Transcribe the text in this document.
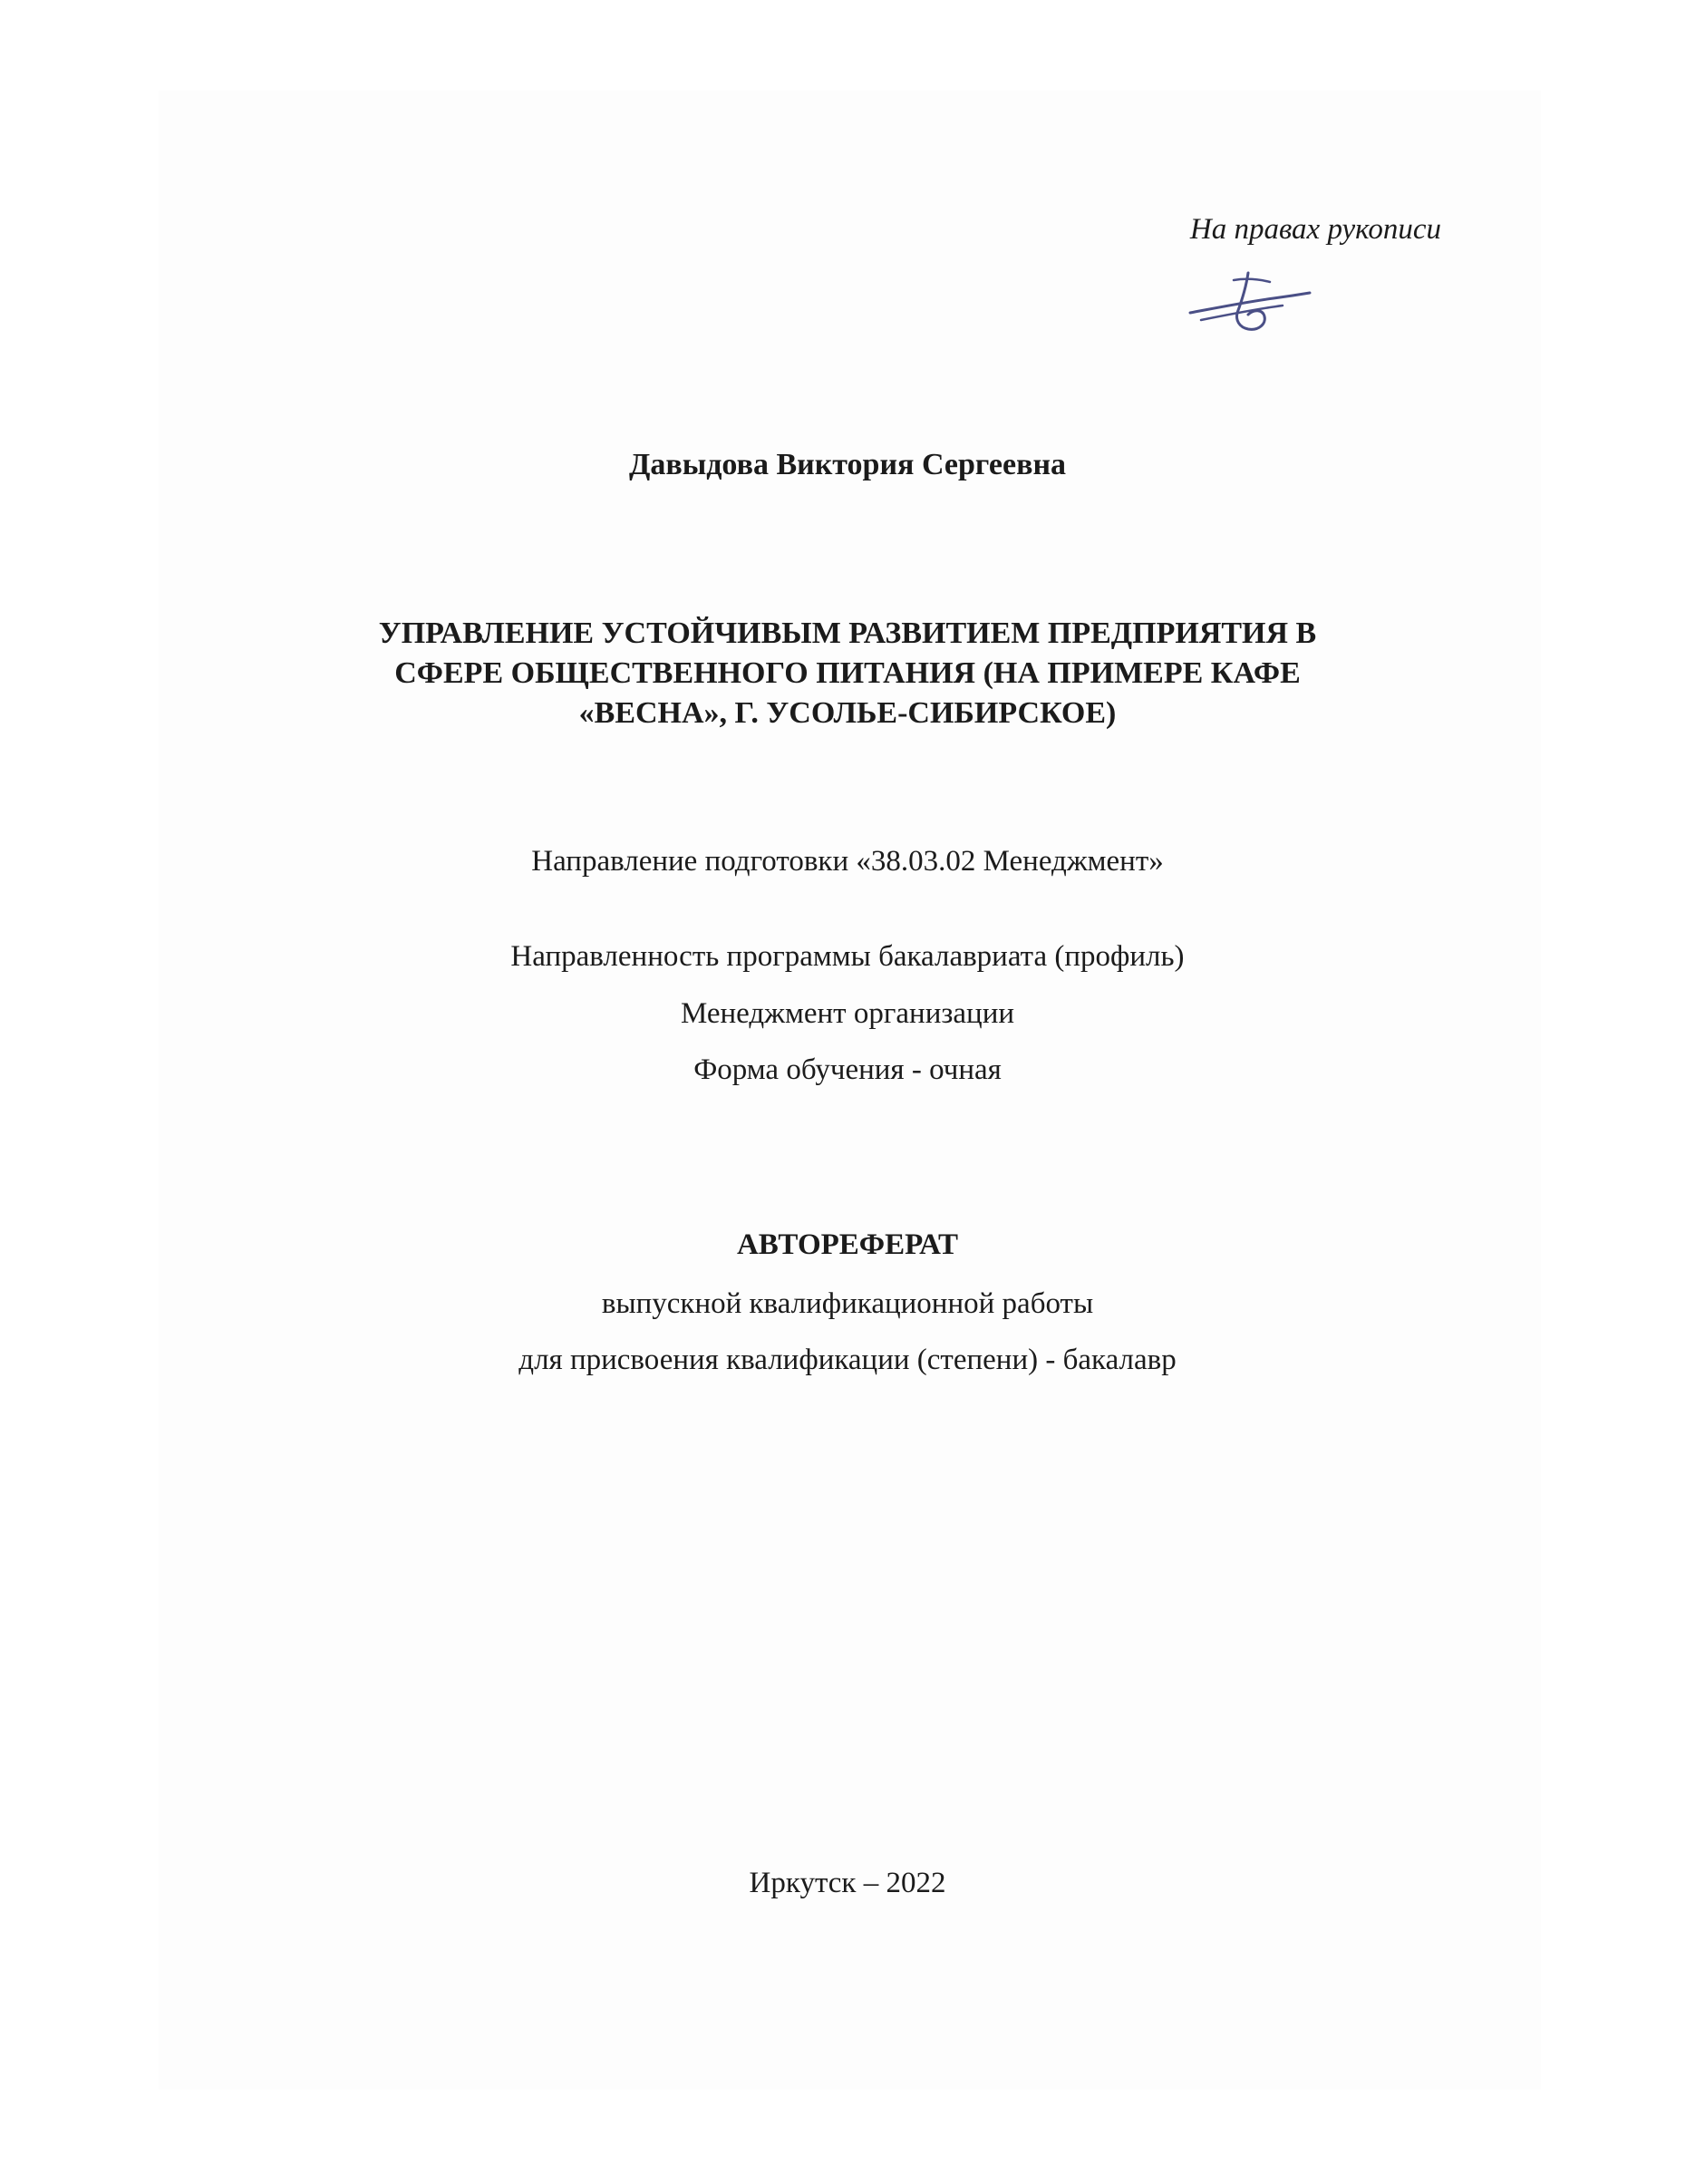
На правах рукописи
Давыдова Виктория Сергеевна
УПРАВЛЕНИЕ УСТОЙЧИВЫМ РАЗВИТИЕМ ПРЕДПРИЯТИЯ В
СФЕРЕ ОБЩЕСТВЕННОГО ПИТАНИЯ (НА ПРИМЕРЕ КАФЕ
«ВЕСНА», Г. УСОЛЬЕ-СИБИРСКОЕ)
Направление подготовки «38.03.02 Менеджмент»
Направленность программы бакалавриата (профиль)
Менеджмент организации
Форма обучения - очная
АВТОРЕФЕРАТ
выпускной квалификационной работы
для присвоения квалификации (степени) - бакалавр
Иркутск – 2022
